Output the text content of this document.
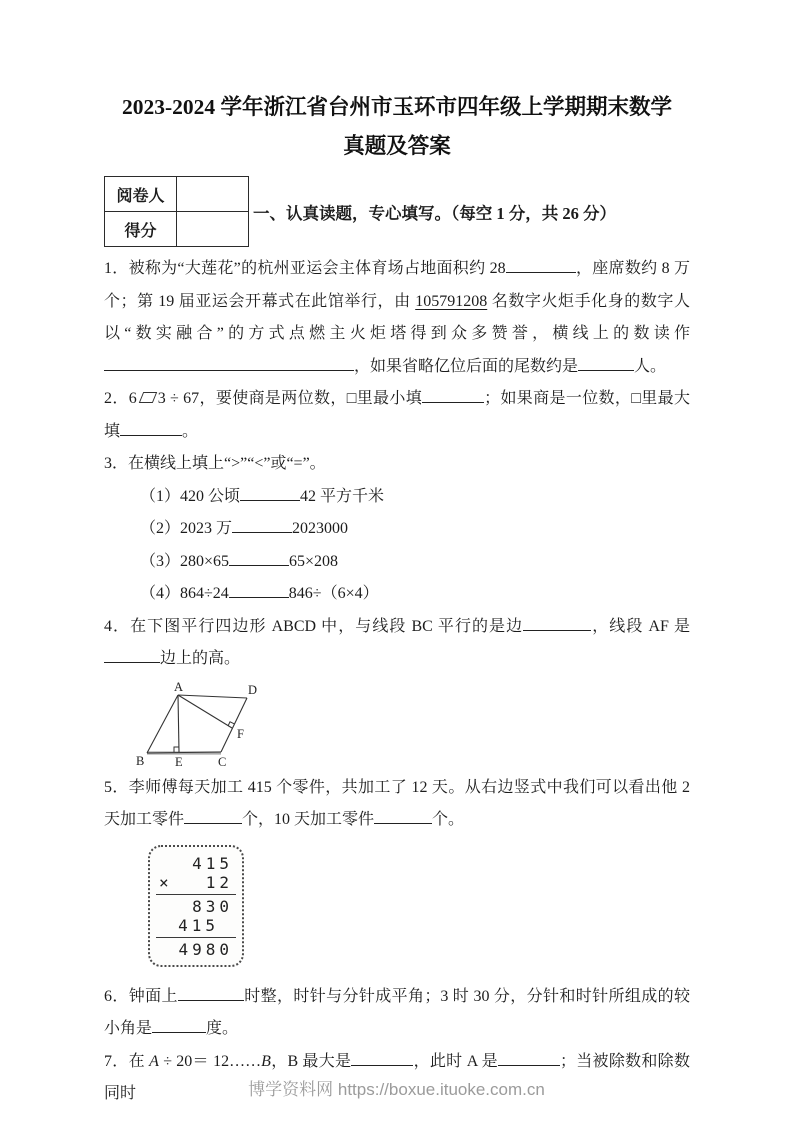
2023-2024 学年浙江省台州市玉环市四年级上学期期末数学
真题及答案
阅卷人	
得分	
一、认真读题，专心填写。（每空 1 分，共 26 分）

1．被称为“大莲花”的杭州亚运会主体育场占地面积约 28	，座席数约 8 万个；第 19 届亚运会开幕式在此馆举行，由 105791208 名数字火炬手化身的数字人以“数实融合”的方式点燃主火炬塔得到众多赞誉，横线上的数读作，如果省略亿位后面的尾数约是	人。

2．6 3 ÷ 67，要使商是两位数，□里最小填	；如果商是一位数，□里最大填	。

3．在横线上填上“>”“<”或“=”。

（1）420 公顷	42 平方千米

（2）2023 万	2023000

（3）280×65	65×208

（4）864÷24	846÷（6×4）

4．在下图平行四边形 ABCD 中，与线段 BC 平行的是边	，线段 AF 是边上的高。

A	D
B E	C
F

5．李师傅每天加工 415 个零件，共加工了 12 天。从右边竖式中我们可以看出他 2 天加工零件	个，10 天加工零件	个。

415
× 12
830
415
4980

6．钟面上	时整，时针与分针成平角；3 时 30 分，分针和时针所组成的较小角是	度。

7．在 A ÷ 20＝ 12……B，B 最大是	，此时 A 是	；当被除数和除数同时	博学资料网 https://boxue.ituoke.com.cn
